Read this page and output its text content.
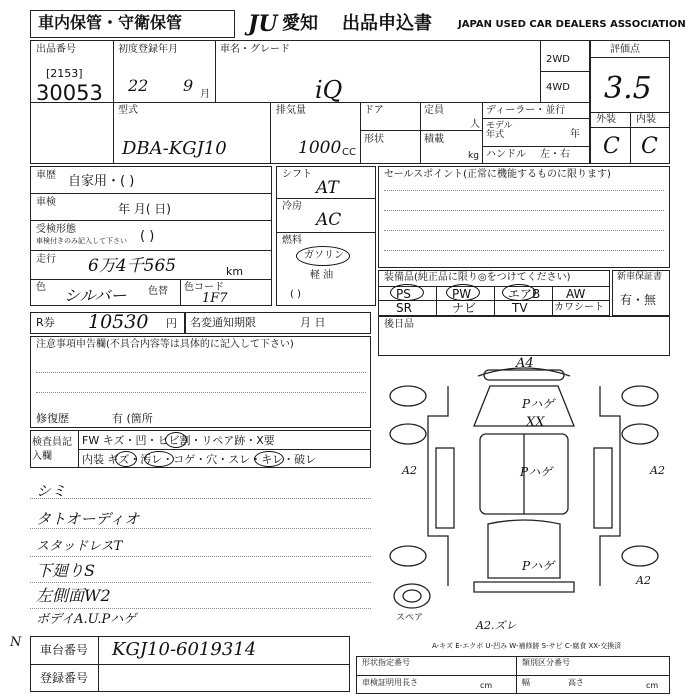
車内保管・守衛保管	JU 愛知 出品申込書	JAPAN USED CAR DEALERS ASSOCIATION
出品番号
[2153]
30053
初度登録年月
22 9 月
車名・グレード
iQ
2WD
4WD
評価点
3.5
外装 内装
C C
型式
DBA-KGJ10
排気量
1000 CC
ドア
形状
定員
人
積載
kg
ディーラー・並行
モデル 年式	年
ハンドル 左・右
車歴 自家用・( )
車検	年 月( 日)
受検形態
車検付きのみ記入して下さい ( )
走行 6万4千565	km
色 シルバー 色替 色コード
1F7
シフト
AT
冷房
AC
燃料
ガソリン
軽 油
( )
セールスポイント(正常に機能するものに限ります)
装備品(純正品に限り◎をつけてください)
PS	PW	エアB AW
SR	ナビ	TV	カワシート
新車保証書
有・無
R券 10530 円 名変通知期限	月 日	後日品
注意事項申告欄(不具合内容等は具体的に記入して下さい)
修復歴	有 (箇所
検査員記入欄
FW キズ・凹・ヒビ割・リペア跡・X要
内装 ギズ・汚レ・コゲ・穴・スレ・キレ・破レ
シミ
タトオーディオ
スタッドレスT
下廻りS
左側面W2
ボデイA.U.Pハゲ
A4
Pハゲ
XX
Pハゲ
Pハゲ
A2	A2
A2
A2.ズレ
スペア
A-キズ E-エクボ U-凹み W-補修跡 S-サビ C-腐食 XX-交換済
N 車台番号 KGJ10-6019314
登録番号
形状指定番号	類別区分番号
車検証明用 長さ	cm	幅	高さ	cm
